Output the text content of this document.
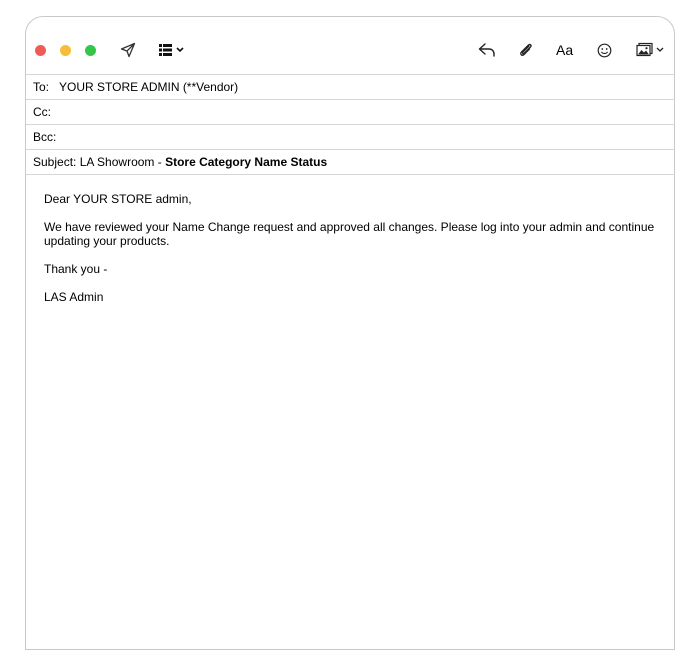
Aa
To: YOUR STORE ADMIN (**Vendor)
Cc:
Bcc:
Subject: LA Showroom - Store Category Name Status

Dear YOUR STORE admin,

We have reviewed your Name Change request and approved all changes. Please log into your admin and continue updating your products.

Thank you -

LAS Admin
